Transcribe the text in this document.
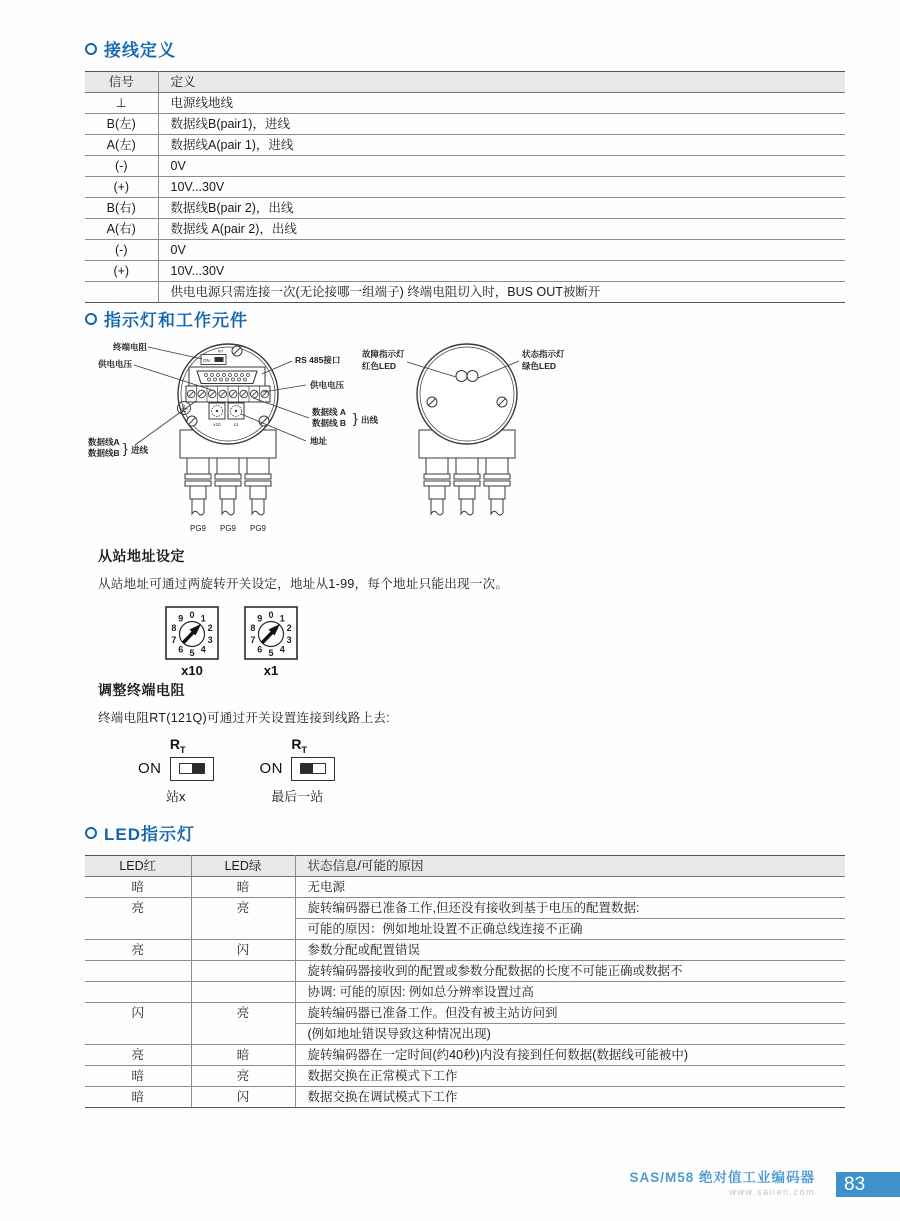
接线定义
信号	定义
⊥	电源线地线
B(左)	数据线B(pair1)，进线
A(左)	数据线A(pair 1)，进线
(-)	0V
(+)	10V...30V
B(右)	数据线B(pair 2)，出线
A(右)	数据线 A(pair 2)，出线
(-)	0V
(+)	10V...30V
	供电电源只需连接一次(无论接哪一组端子) 终端电阻切入时，BUS OUT被断开
指示灯和工作元件
RT
ON
x10	x1
终端电阻
供电电压	RS 485接口
供电电压
数据线 A
数据线 B } 出线
地址
数据线A
数据线B } 进线
PG9 PG9 PG9
故障指示灯
红色LED
状态指示灯
绿色LED
从站地址设定
从站地址可通过两旋转开关设定，地址从1-99，每个地址只能出现一次。
0 1
2
3
4
5
6
7
8
9
x10
0 1
2
3
4
5
6
7
8
9
x1
调整终端电阻
终端电阻RT(121Q)可通过开关设置连接到线路上去:
$R_T$
ON
站x
$R_T$
ON
最后一站
LED指示灯
LED红	LED绿	状态信息/可能的原因
暗	暗	无电源
亮	亮	旋转编码器已准备工作,但还没有接收到基于电压的配置数据:
		可能的原因：例如地址设置不正确总线连接不正确
亮	闪	参数分配或配置错误
		旋转编码器接收到的配置或参数分配数据的长度不可能正确或数据不
		协调: 可能的原因: 例如总分辨率设置过高
闪	亮	旋转编码器已准备工作。但没有被主站访问到
		(例如地址错误导致这种情况出现)
亮	暗	旋转编码器在一定时间(约40秒)内没有接到任何数据(数据线可能被中)
暗	亮	数据交换在正常模式下工作
暗	闪	数据交换在调试模式下工作
SAS/M58 绝对值工业编码器
www.saiien.com 83
